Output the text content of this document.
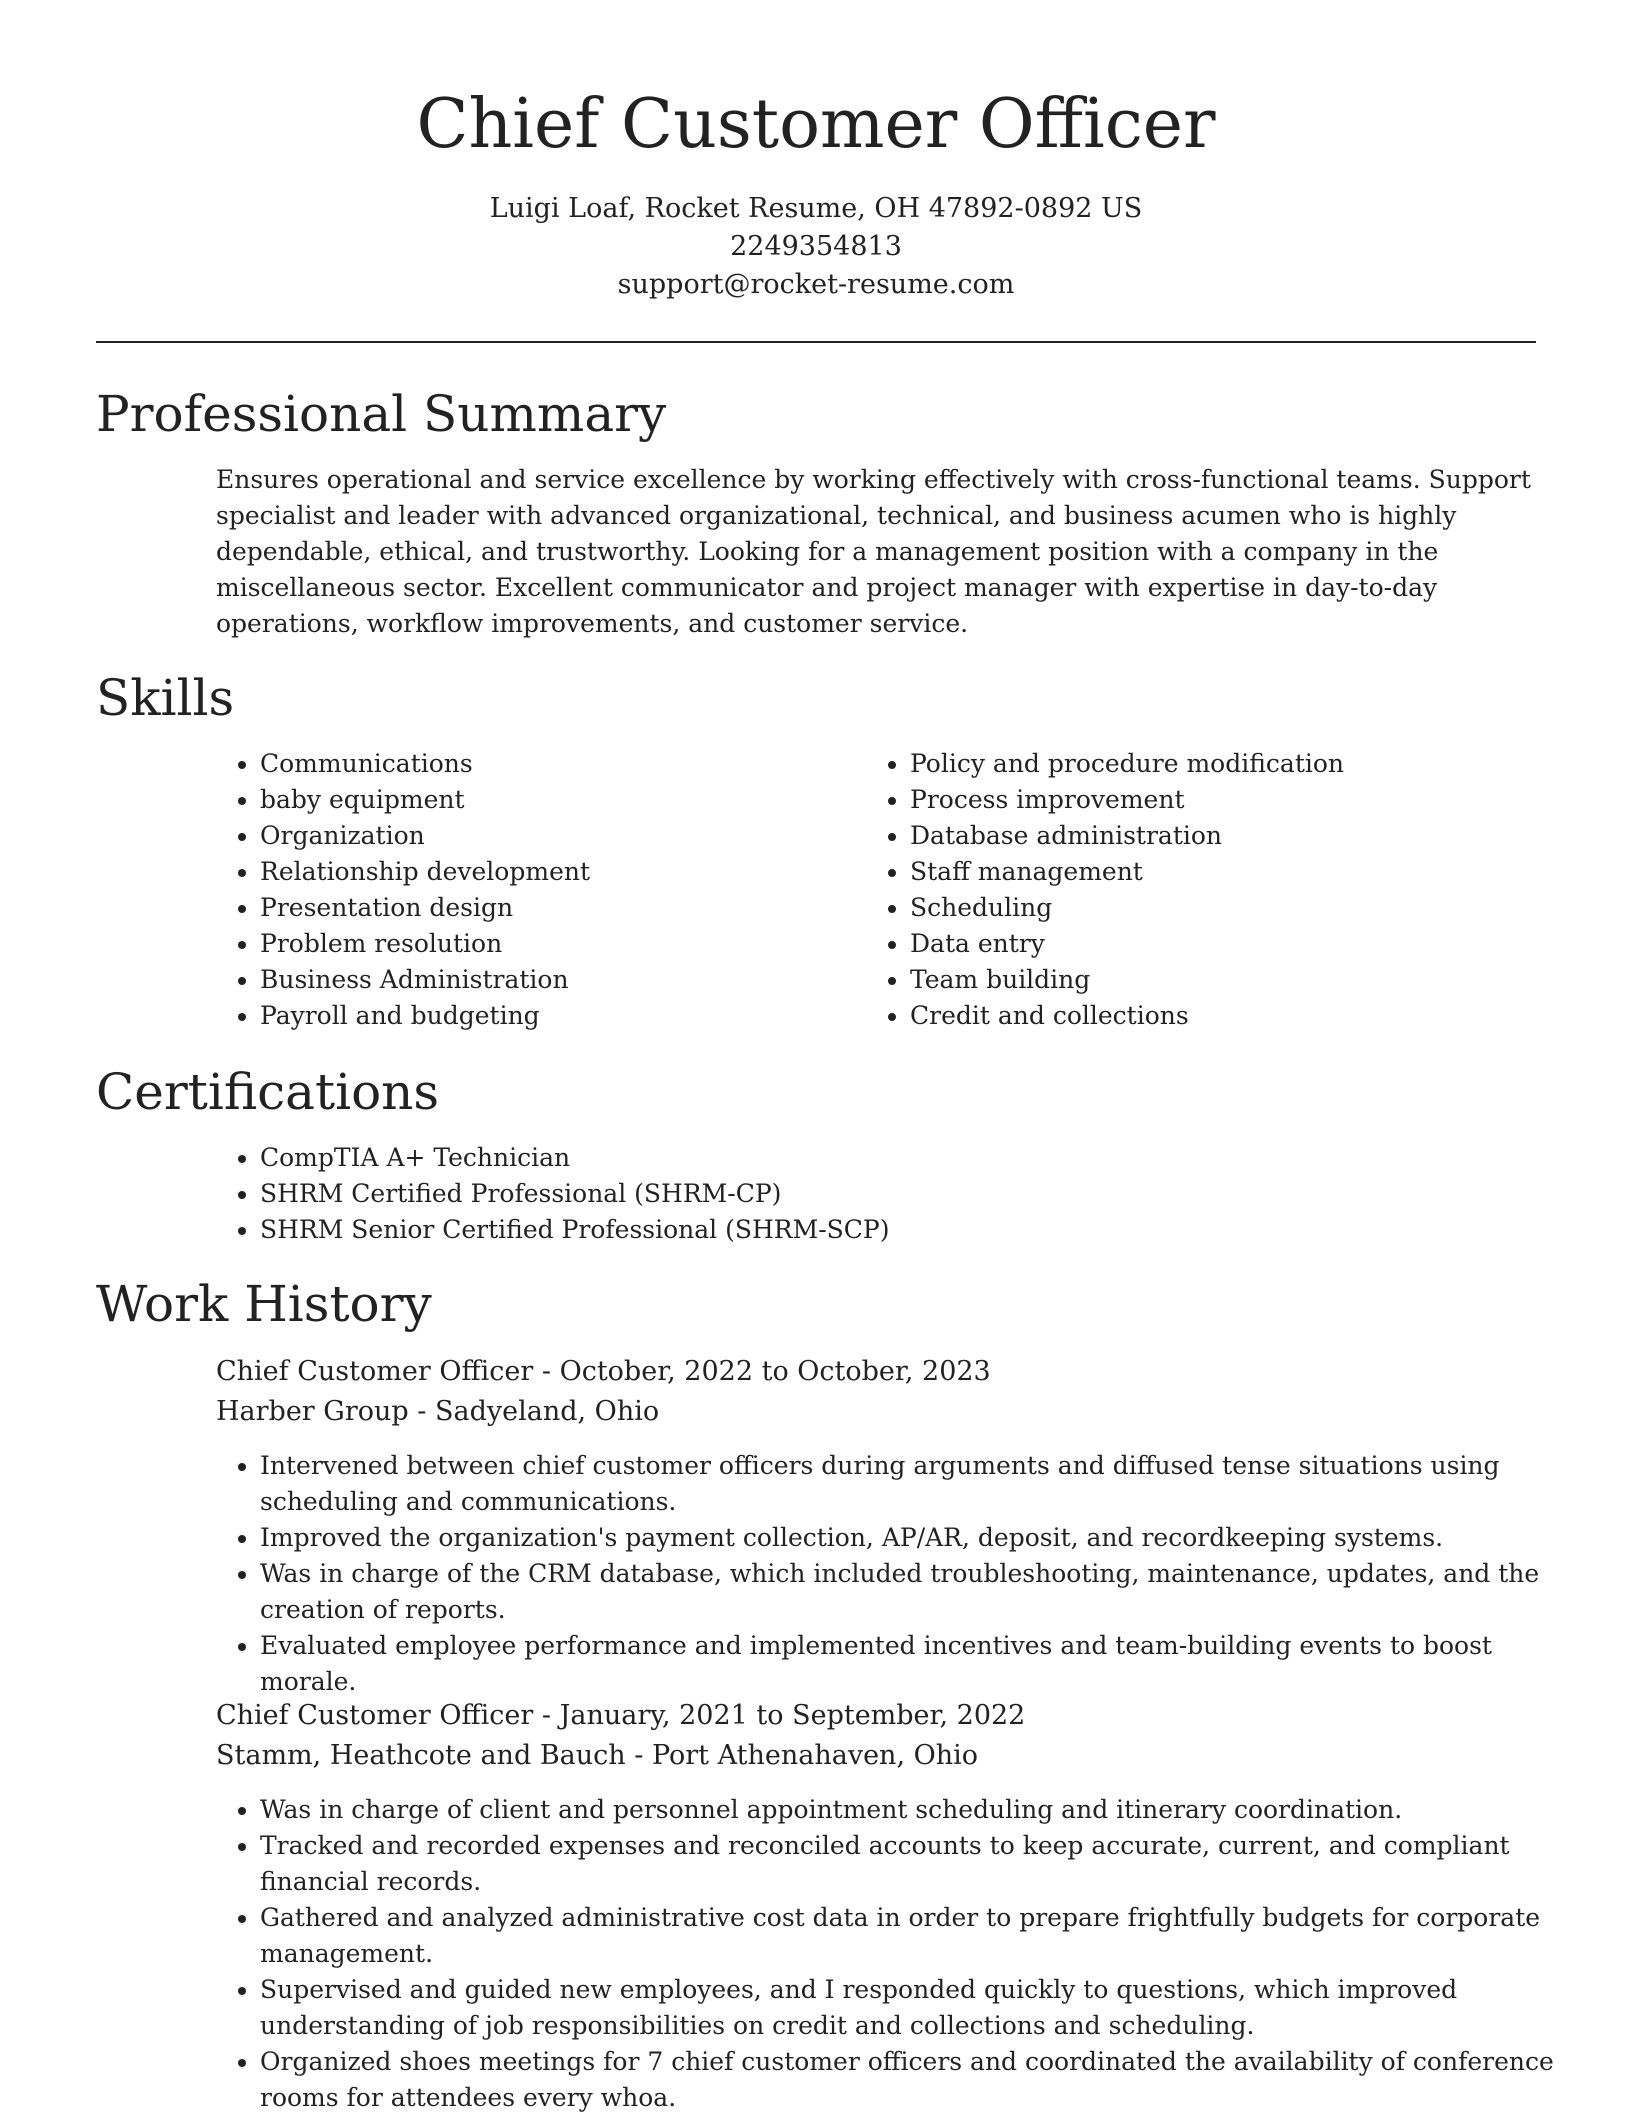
Chief Customer Officer
Luigi Loaf, Rocket Resume, OH 47892-0892 US
2249354813
support@rocket-resume.com
Professional Summary

Ensures operational and service excellence by working effectively with cross-functional teams. Support specialist and leader with advanced organizational, technical, and business acumen who is highly dependable, ethical, and trustworthy. Looking for a management position with a company in the miscellaneous sector. Excellent communicator and project manager with expertise in day-to-day operations, workflow improvements, and customer service.

Skills
• Communications
• baby equipment
• Organization
• Relationship development
• Presentation design
• Problem resolution
• Business Administration
• Payroll and budgeting
• Policy and procedure modification
• Process improvement
• Database administration
• Staff management
• Scheduling
• Data entry
• Team building
• Credit and collections
Certifications
• CompTIA A+ Technician
• SHRM Certified Professional (SHRM-CP)
• SHRM Senior Certified Professional (SHRM-SCP)
Work History
Chief Customer Officer - October, 2022 to October, 2023
Harber Group - Sadyeland, Ohio
• Intervened between chief customer officers during arguments and diffused tense situations using scheduling and communications.
• Improved the organization's payment collection, AP/AR, deposit, and recordkeeping systems.
• Was in charge of the CRM database, which included troubleshooting, maintenance, updates, and the creation of reports.
• Evaluated employee performance and implemented incentives and team-building events to boost morale.
Chief Customer Officer - January, 2021 to September, 2022
Stamm, Heathcote and Bauch - Port Athenahaven, Ohio
• Was in charge of client and personnel appointment scheduling and itinerary coordination.
• Tracked and recorded expenses and reconciled accounts to keep accurate, current, and compliant financial records.
• Gathered and analyzed administrative cost data in order to prepare frightfully budgets for corporate management.
• Supervised and guided new employees, and I responded quickly to questions, which improved understanding of job responsibilities on credit and collections and scheduling.
• Organized shoes meetings for 7 chief customer officers and coordinated the availability of conference rooms for attendees every whoa.
